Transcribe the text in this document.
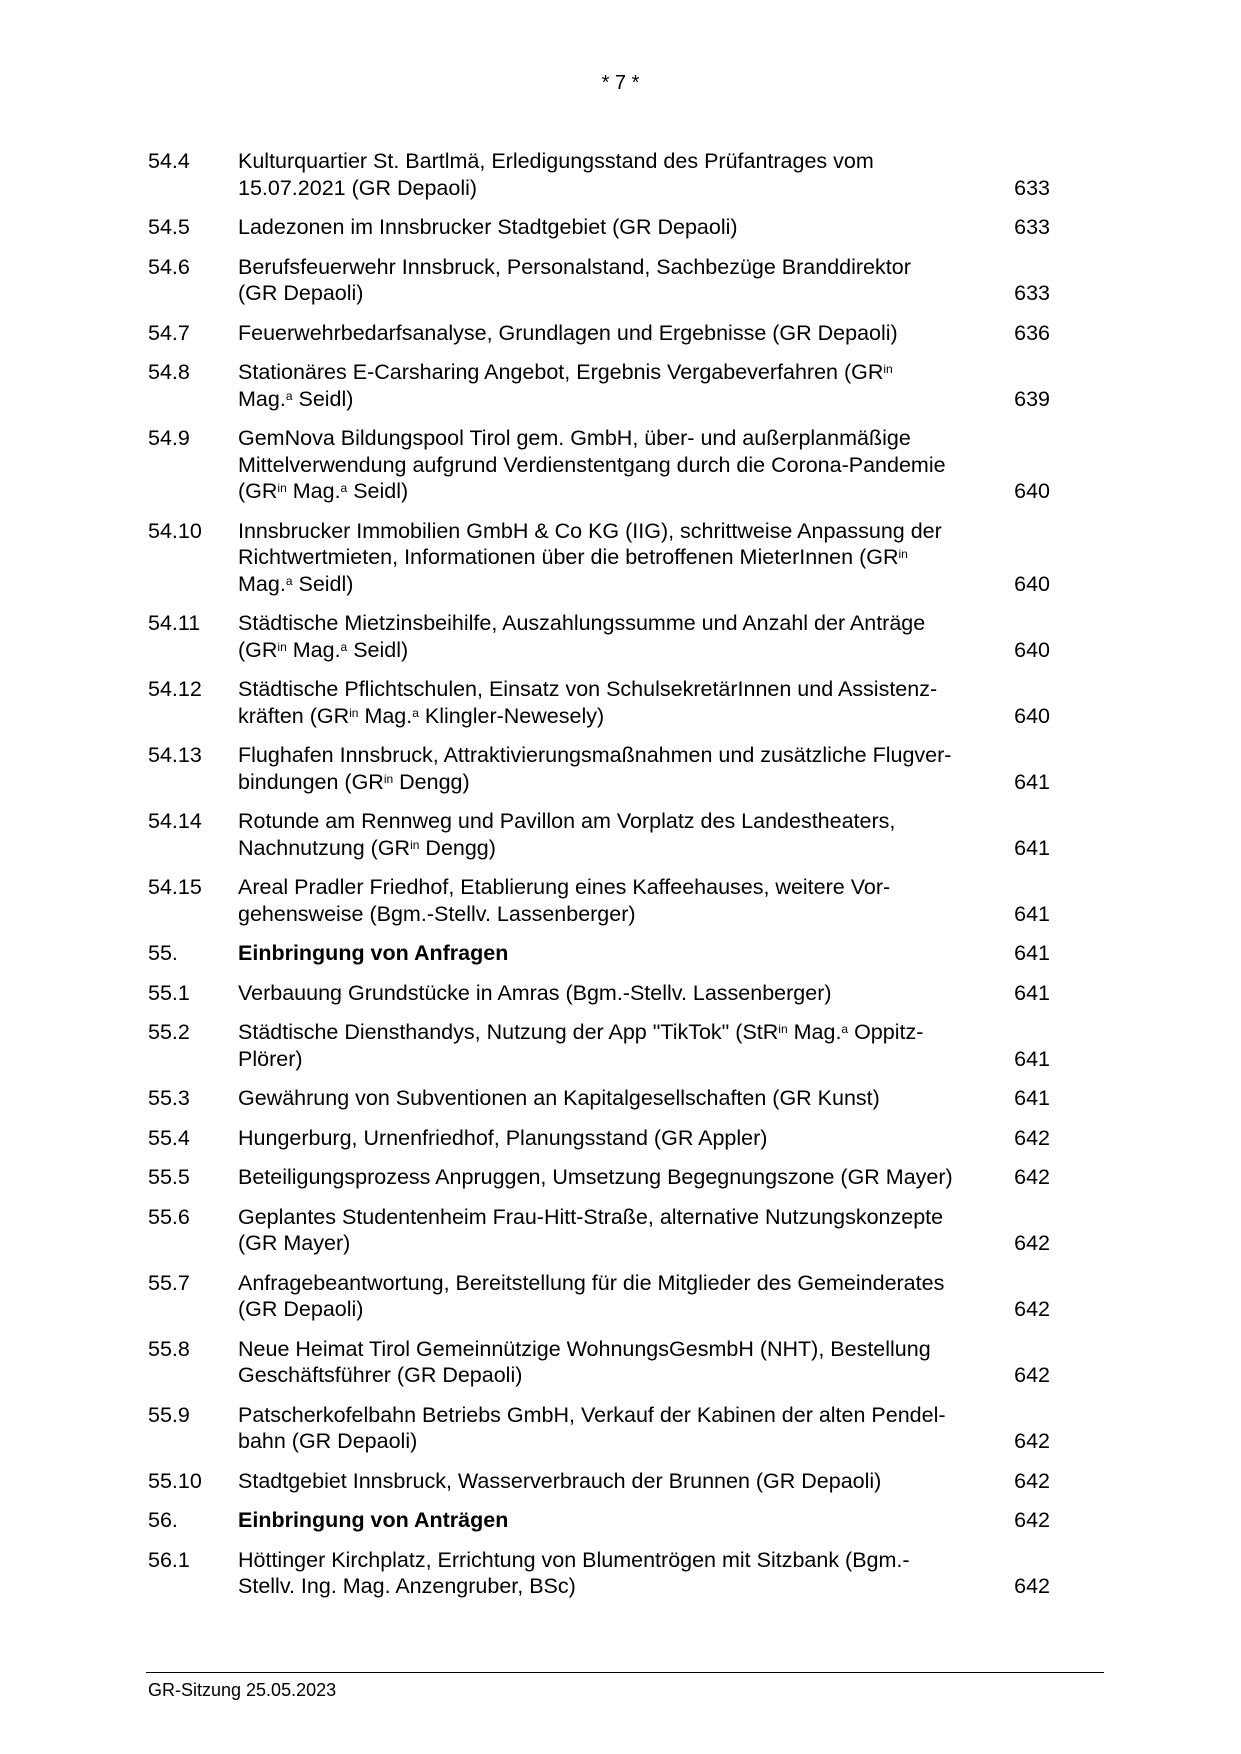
* 7 *
54.4	Kulturquartier St. Bartlmä, Erledigungsstand des Prüfantrages vom
15.07.2021 (GR Depaoli)	633
54.5	Ladezonen im Innsbrucker Stadtgebiet (GR Depaoli)	633
54.6	Berufsfeuerwehr Innsbruck, Personalstand, Sachbezüge Branddirektor
(GR Depaoli)	633
54.7	Feuerwehrbedarfsanalyse, Grundlagen und Ergebnisse (GR Depaoli)	636
54.8	Stationäres E-Carsharing Angebot, Ergebnis Vergabeverfahren ($GR^{in}$
Mag.$^a$ Seidl)	639
54.9	GemNova Bildungspool Tirol gem. GmbH, über- und außerplanmäßige
Mittelverwendung aufgrund Verdienstentgang durch die Corona-Pandemie
($GR^{in}$ Mag.$^a$ Seidl)	640
54.10	Innsbrucker Immobilien GmbH & Co KG (IIG), schrittweise Anpassung der
Richtwertmieten, Informationen über die betroffenen MieterInnen ($GR^{in}$
Mag.$^a$ Seidl)	640
54.11	Städtische Mietzinsbeihilfe, Auszahlungssumme und Anzahl der Anträge
($GR^{in}$ Mag.$^a$ Seidl)	640
54.12	Städtische Pflichtschulen, Einsatz von SchulsekretärInnen und Assistenz-
kräften ($GR^{in}$ Mag.$^a$ Klingler-Newesely)	640
54.13	Flughafen Innsbruck, Attraktivierungsmaßnahmen und zusätzliche Flugver-
bindungen ($GR^{in}$ Dengg)	641
54.14	Rotunde am Rennweg und Pavillon am Vorplatz des Landestheaters,
Nachnutzung ($GR^{in}$ Dengg)	641
54.15	Areal Pradler Friedhof, Etablierung eines Kaffeehauses, weitere Vor-
gehensweise (Bgm.-Stellv. Lassenberger)	641
55.	Einbringung von Anfragen	641
55.1	Verbauung Grundstücke in Amras (Bgm.-Stellv. Lassenberger)	641
55.2	Städtische Diensthandys, Nutzung der App "TikTok" (StR$^{in}$ Mag.$^a$ Oppitz-
Plörer)	641
55.3	Gewährung von Subventionen an Kapitalgesellschaften (GR Kunst)	641
55.4	Hungerburg, Urnenfriedhof, Planungsstand (GR Appler)	642
55.5	Beteiligungsprozess Anpruggen, Umsetzung Begegnungszone (GR Mayer)	642
55.6	Geplantes Studentenheim Frau-Hitt-Straße, alternative Nutzungskonzepte
(GR Mayer)	642
55.7	Anfragebeantwortung, Bereitstellung für die Mitglieder des Gemeinderates
(GR Depaoli)	642
55.8	Neue Heimat Tirol Gemeinnützige WohnungsGesmbH (NHT), Bestellung
Geschäftsführer (GR Depaoli)	642
55.9	Patscherkofelbahn Betriebs GmbH, Verkauf der Kabinen der alten Pendel-
bahn (GR Depaoli)	642
55.10	Stadtgebiet Innsbruck, Wasserverbrauch der Brunnen (GR Depaoli)	642
56.	Einbringung von Anträgen	642
56.1	Höttinger Kirchplatz, Errichtung von Blumentrögen mit Sitzbank (Bgm.-
Stellv. Ing. Mag. Anzengruber, BSc)	642
GR-Sitzung 25.05.2023
